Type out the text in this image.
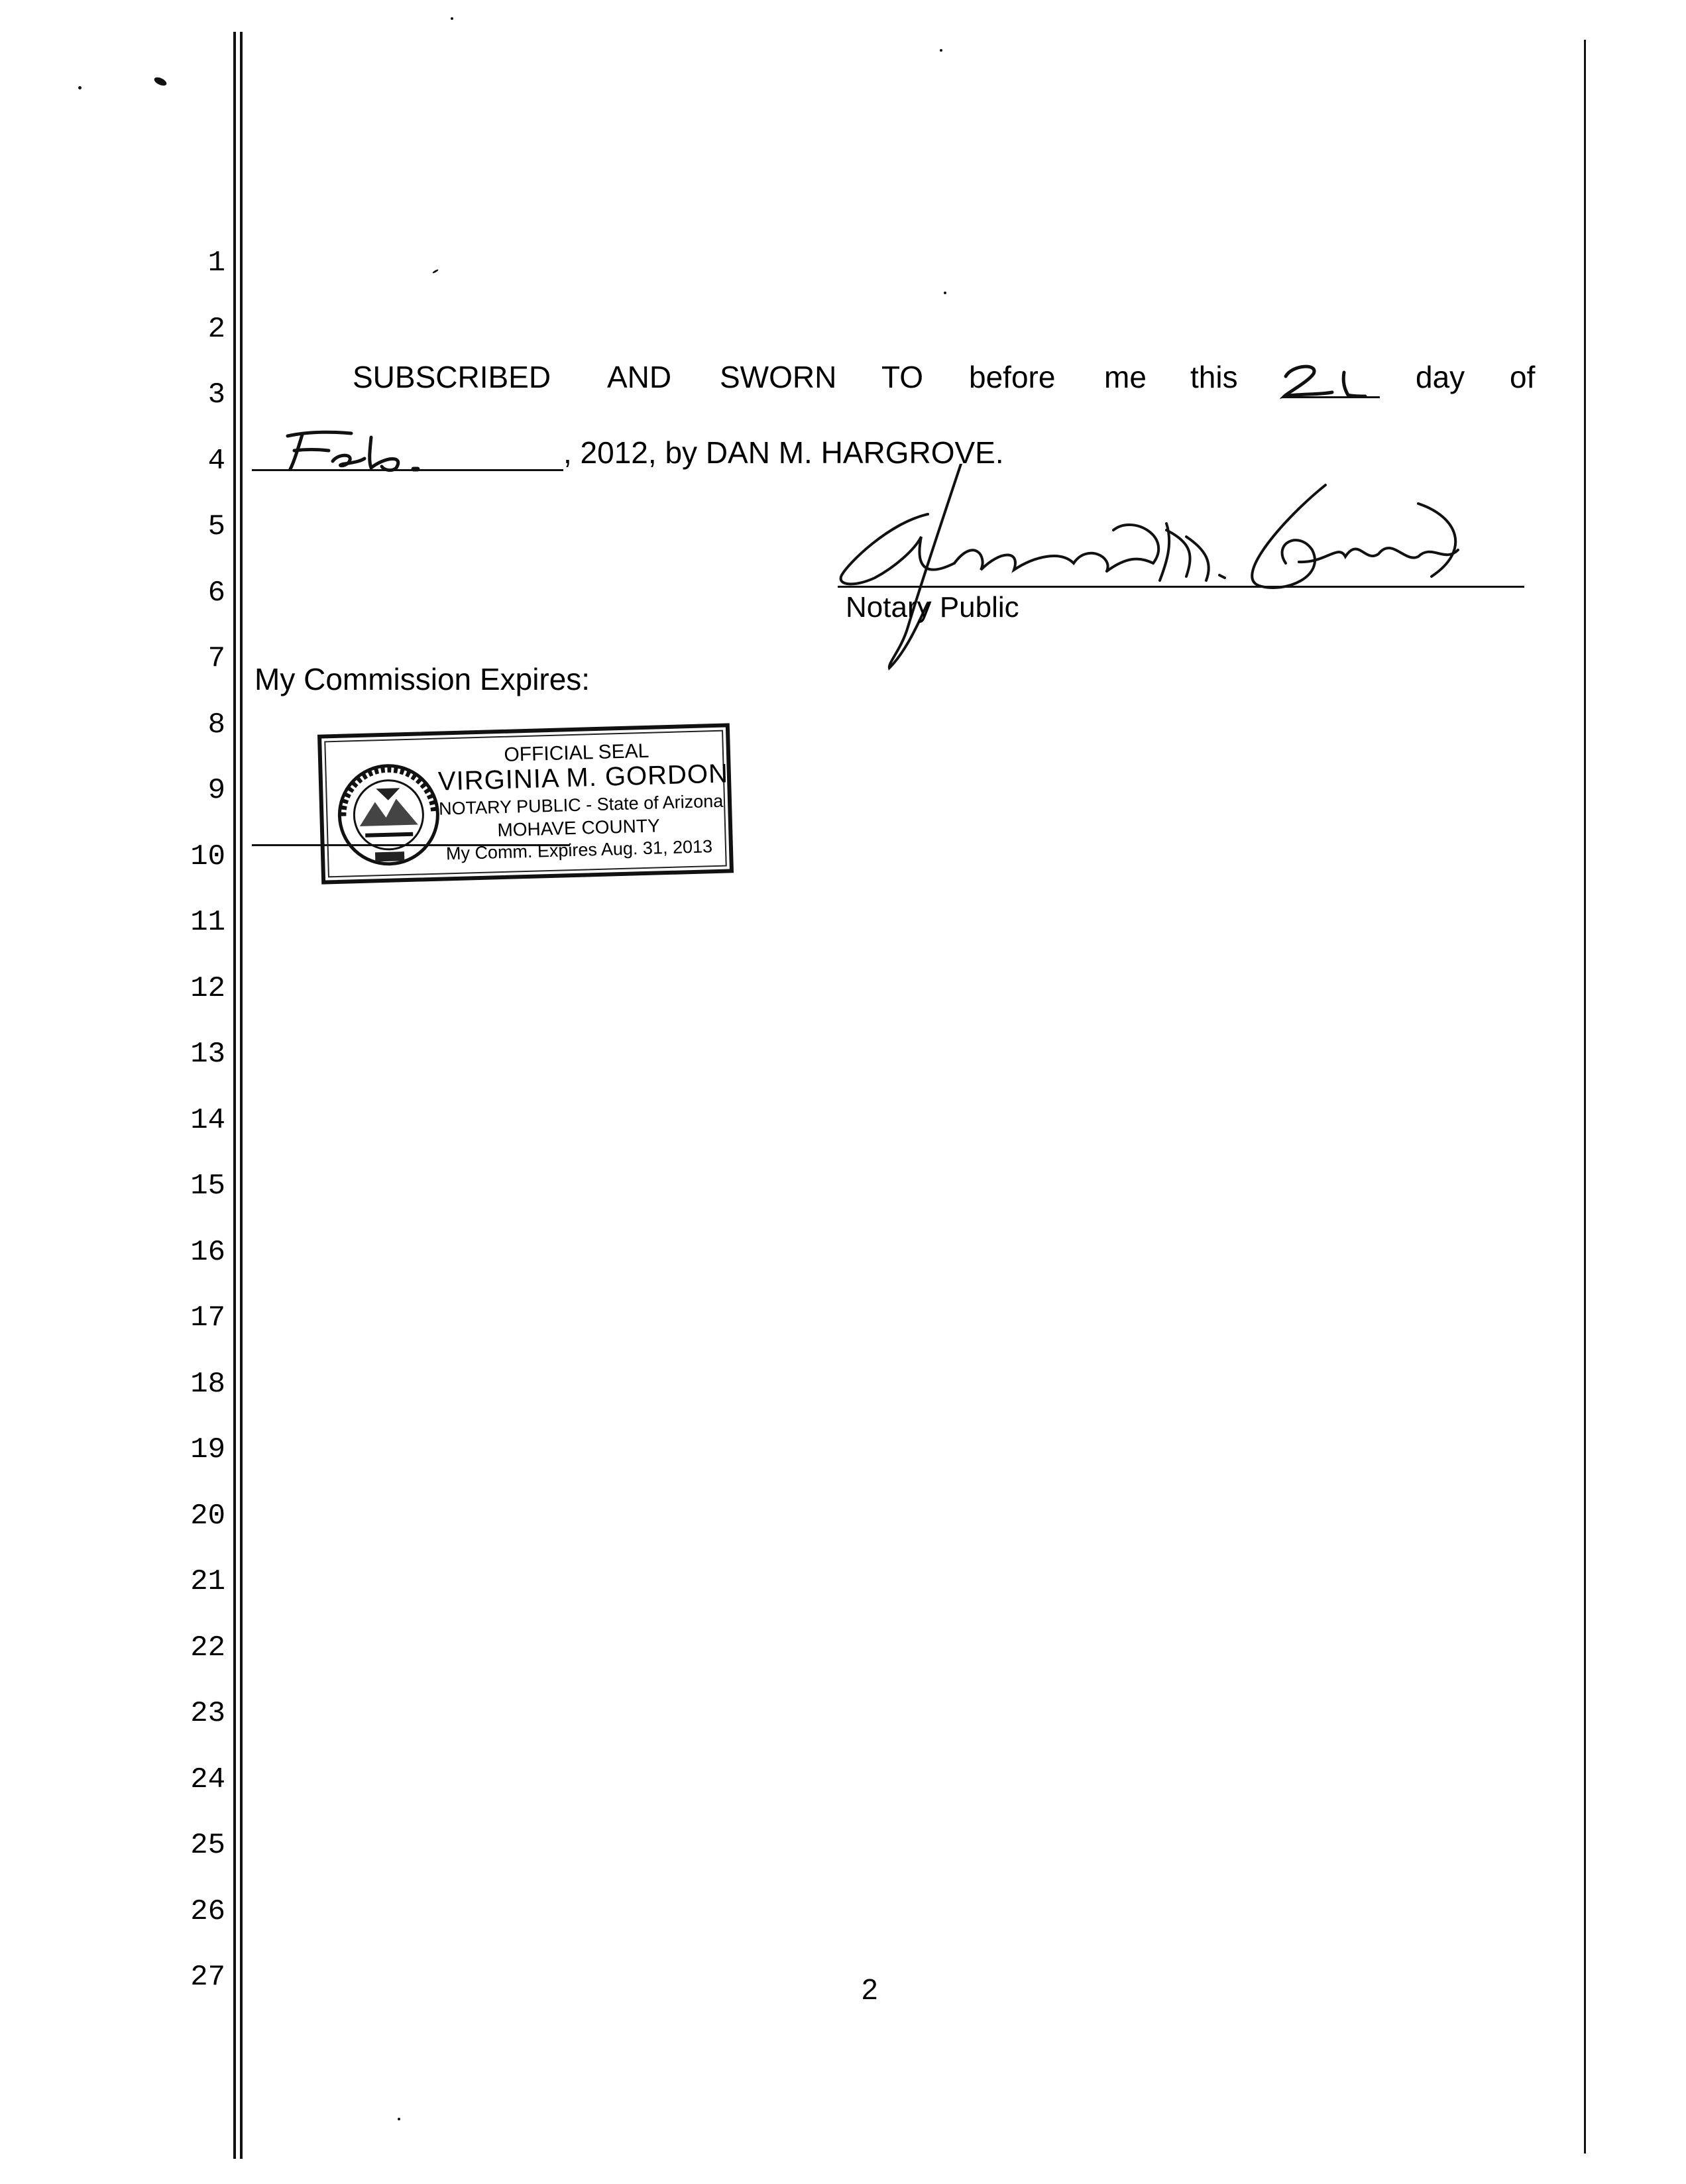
1
2
3
4
5
6
7
8
9
10
11
12
13
14
15
16
17
18
19
20
21
22
23
24
25
26
27
SUBSCRIBED AND SWORN TO before me this	day of
, 2012, by DAN M. HARGROVE.
Notary Public
My Commission Expires:
OFFICIAL SEAL
VIRGINIA M. GORDON
NOTARY PUBLIC - State of Arizona
MOHAVE COUNTY
My Comm. Expires Aug. 31, 2013
2
